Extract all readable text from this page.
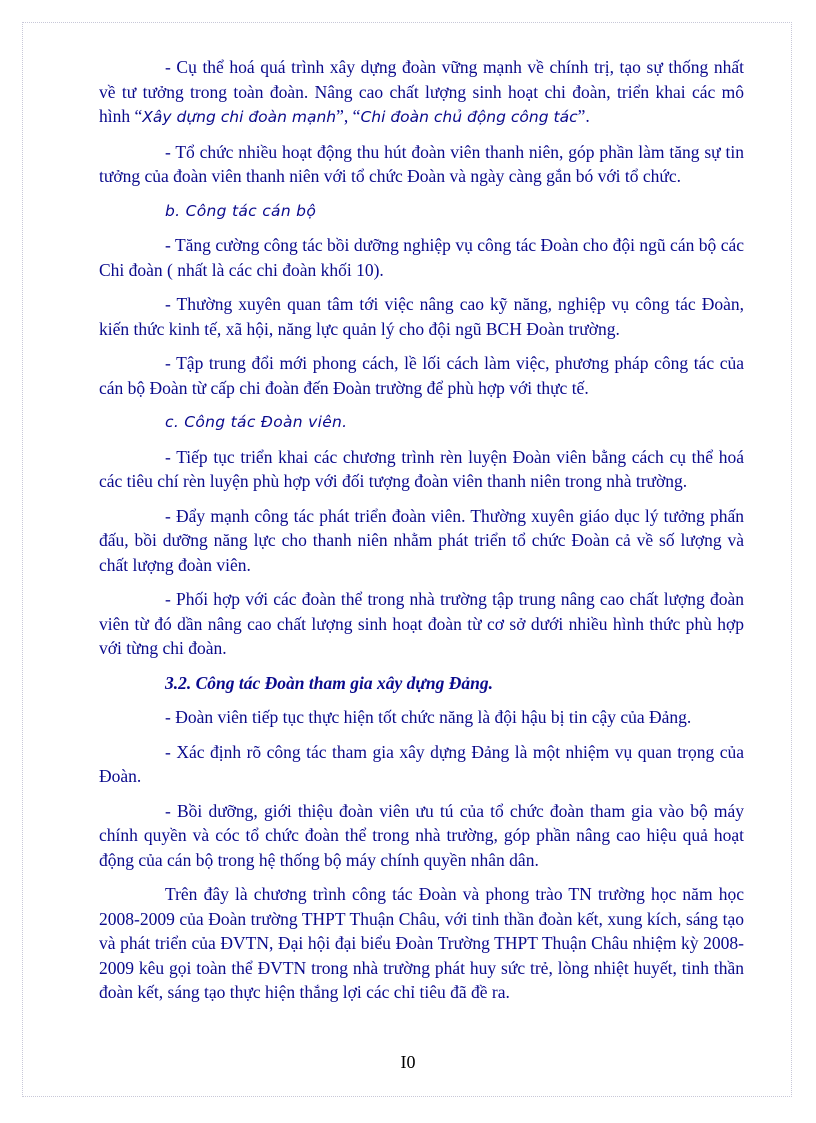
- Cụ thể hoá quá trình xây dựng đoàn vững mạnh về chính trị, tạo sự thống nhất về tư tưởng trong toàn đoàn. Nâng cao chất lượng sinh hoạt chi đoàn, triển khai các mô hình “Xây dựng chi đoàn mạnh”, “Chi đoàn chủ động công tác”.

- Tổ chức nhiều hoạt động thu hút đoàn viên thanh niên, góp phần làm tăng sự tin tưởng của đoàn viên thanh niên với tổ chức Đoàn và ngày càng gắn bó với tổ chức.

b. Công tác cán bộ

- Tăng cường công tác bồi dưỡng nghiệp vụ công tác Đoàn cho đội ngũ cán bộ các Chi đoàn ( nhất là các chi đoàn khối 10).

- Thường xuyên quan tâm tới việc nâng cao kỹ năng, nghiệp vụ công tác Đoàn, kiến thức kinh tế, xã hội, năng lực quản lý cho đội ngũ BCH Đoàn trường.

- Tập trung đổi mới phong cách, lề lối cách làm việc, phương pháp công tác của cán bộ Đoàn từ cấp chi đoàn đến Đoàn trường để phù hợp với thực tế.

c. Công tác Đoàn viên.

- Tiếp tục triển khai các chương trình rèn luyện Đoàn viên bằng cách cụ thể hoá các tiêu chí rèn luyện phù hợp với đối tượng đoàn viên thanh niên trong nhà trường.

- Đẩy mạnh công tác phát triển đoàn viên. Thường xuyên giáo dục lý tưởng phấn đấu, bồi dưỡng năng lực cho thanh niên nhằm phát triển tổ chức Đoàn cả về số lượng và chất lượng đoàn viên.

- Phối hợp với các đoàn thể trong nhà trường tập trung nâng cao chất lượng đoàn viên từ đó dần nâng cao chất lượng sinh hoạt đoàn từ cơ sở dưới nhiều hình thức phù hợp với từng chi đoàn.

3.2. Công tác Đoàn tham gia xây dựng Đảng.

- Đoàn viên tiếp tục thực hiện tốt chức năng là đội hậu bị tin cậy của Đảng.

- Xác định rõ công tác tham gia xây dựng Đảng là một nhiệm vụ quan trọng của Đoàn.

- Bồi dưỡng, giới thiệu đoàn viên ưu tú của tổ chức đoàn tham gia vào bộ máy chính quyền và cóc tổ chức đoàn thể trong nhà trường, góp phần nâng cao hiệu quả hoạt động của cán bộ trong hệ thống bộ máy chính quyền nhân dân.

Trên đây là chương trình công tác Đoàn và phong trào TN trường học năm học 2008-2009 của Đoàn trường THPT Thuận Châu, với tinh thần đoàn kết, xung kích, sáng tạo và phát triển của ĐVTN, Đại hội đại biểu Đoàn Trường THPT Thuận Châu nhiệm kỳ 2008-2009 kêu gọi toàn thể ĐVTN trong nhà trường phát huy sức trẻ, lòng nhiệt huyết, tinh thần đoàn kết, sáng tạo thực hiện thắng lợi các chỉ tiêu đã đề ra.

I0
